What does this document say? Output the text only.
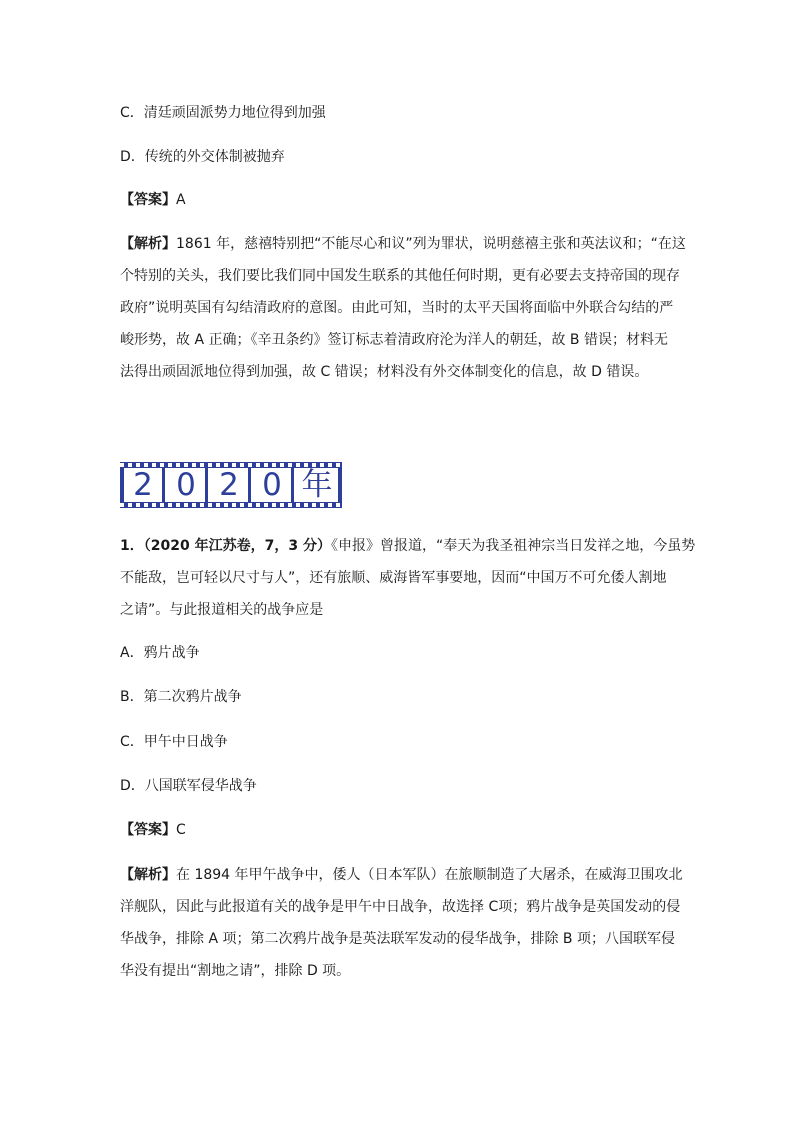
C．清廷顽固派势力地位得到加强
D．传统的外交体制被抛弃
【答案】A
【解析】1861 年，慈禧特别把“不能尽心和议”列为罪状，说明慈禧主张和英法议和；“在这
个特别的关头，我们要比我们同中国发生联系的其他任何时期，更有必要去支持帝国的现存
政府”说明英国有勾结清政府的意图。由此可知，当时的太平天国将面临中外联合勾结的严
峻形势，故 A 正确；《辛丑条约》签订标志着清政府沦为洋人的朝廷，故 B 错误；材料无
法得出顽固派地位得到加强，故 C 错误；材料没有外交体制变化的信息，故 D 错误。
2 0 2 0 年
1．（2020 年江苏卷，7，3 分）《申报》曾报道，“奉天为我圣祖神宗当日发祥之地，今虽势
不能敌，岂可轻以尺寸与人”，还有旅顺、威海皆军事要地，因而“中国万不可允倭人割地
之请”。与此报道相关的战争应是
A．鸦片战争
B．第二次鸦片战争
C．甲午中日战争
D．八国联军侵华战争
【答案】C
【解析】在 1894 年甲午战争中，倭人（日本军队）在旅顺制造了大屠杀，在威海卫围攻北
洋舰队，因此与此报道有关的战争是甲午中日战争，故选择 C项；鸦片战争是英国发动的侵
华战争，排除 A 项；第二次鸦片战争是英法联军发动的侵华战争，排除 B 项；八国联军侵
华没有提出“割地之请”，排除 D 项。
